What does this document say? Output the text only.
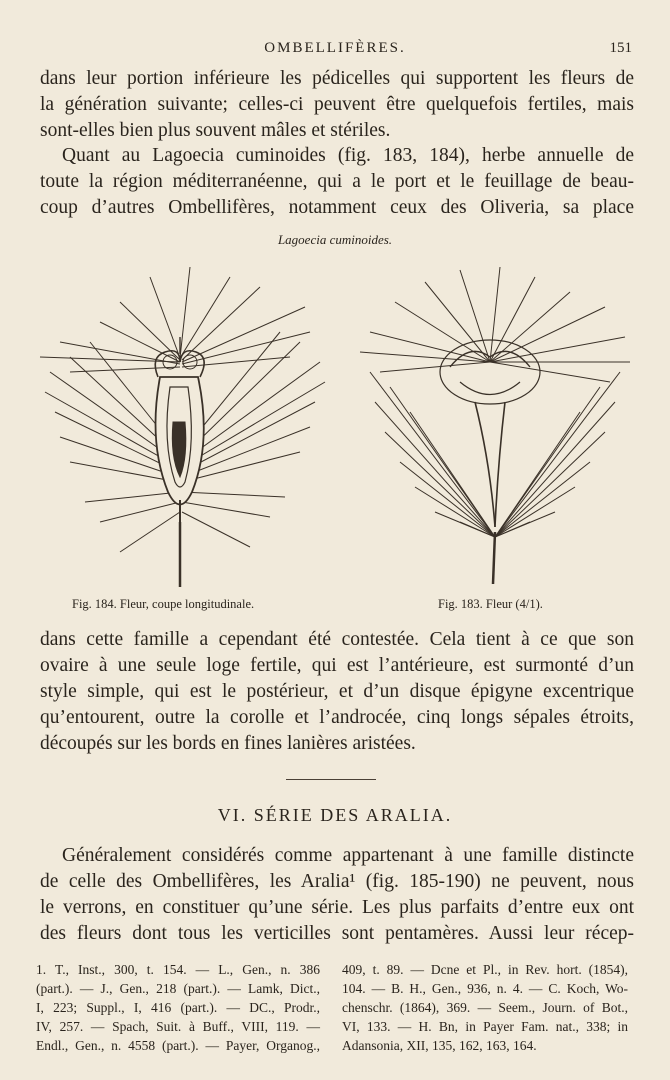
OMBELLIFÈRES.	151
dans leur portion inférieure les pédicelles qui supportent les fleurs de
la génération suivante; celles-ci peuvent être quelquefois fertiles, mais
sont-elles bien plus souvent mâles et stériles.
Quant au Lagoecia cuminoides (fig. 183, 184), herbe annuelle de
toute la région méditerranéenne, qui a le port et le feuillage de beau-
coup d’autres Ombellifères, notamment ceux des Oliveria, sa place
Lagoecia cuminoides.
Fig. 184. Fleur, coupe longitudinale.	Fig. 183. Fleur (4/1).
dans cette famille a cependant été contestée. Cela tient à ce que son
ovaire à une seule loge fertile, qui est l’antérieure, est surmonté d’un
style simple, qui est le postérieur, et d’un disque épigyne excentrique
qu’entourent, outre la corolle et l’androcée, cinq longs sépales étroits,
découpés sur les bords en fines lanières aristées.
VI. SÉRIE DES ARALIA.
Généralement considérés comme appartenant à une famille distincte
de celle des Ombellifères, les Aralia¹ (fig. 185-190) ne peuvent, nous
le verrons, en constituer qu’une série. Les plus parfaits d’entre eux ont
des fleurs dont tous les verticilles sont pentamères. Aussi leur récep-
1. T., Inst., 300, t. 154. — L., Gen., n. 386
(part.). — J., Gen., 218 (part.). — Lamk, Dict.,
I, 223; Suppl., I, 416 (part.). — DC., Prodr.,
IV, 257. — Spach, Suit. à Buff., VIII, 119. —
Endl., Gen., n. 4558 (part.). — Payer, Organog.,
409, t. 89. — Dcne et Pl., in Rev. hort. (1854),
104. — B. H., Gen., 936, n. 4. — C. Koch, Wo-
chenschr. (1864), 369. — Seem., Journ. of Bot.,
VI, 133. — H. Bn, in Payer Fam. nat., 338; in
Adansonia, XII, 135, 162, 163, 164.
